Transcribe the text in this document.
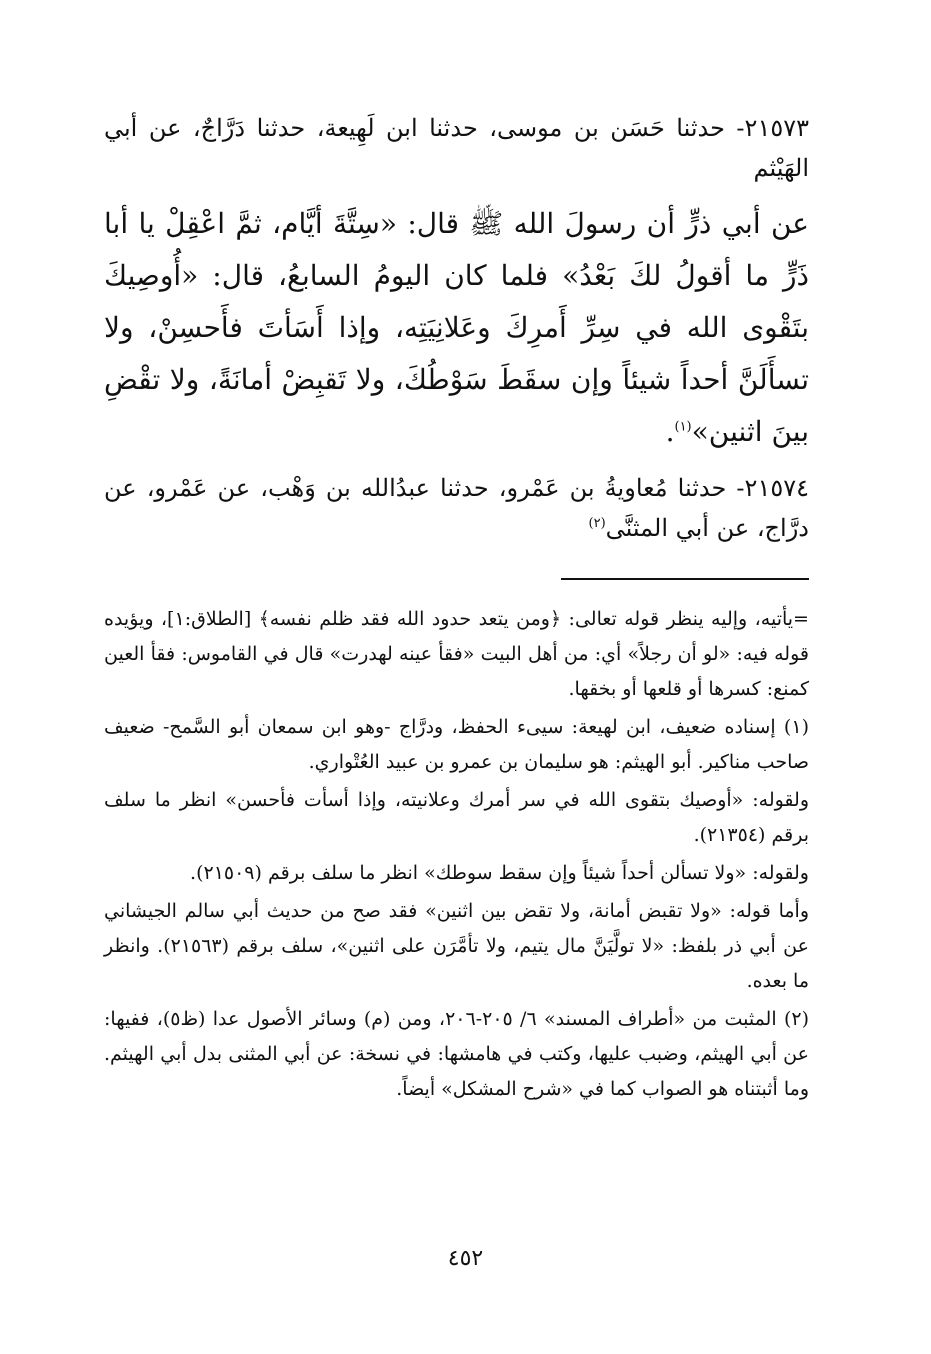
٢١٥٧٣- حدثنا حَسَن بن موسى، حدثنا ابن لَهِيعة، حدثنا دَرَّاجٌ، عن أبي الهَيْثم

عن أبي ذرٍّ أن رسولَ الله ﷺ قال: «سِتَّةَ أيَّام، ثمَّ اعْقِلْ يا أبا ذَرٍّ ما أقولُ لكَ بَعْدُ» فلما كان اليومُ السابعُ، قال: «أُوصِيكَ بتَقْوى الله في سِرِّ أَمرِكَ وعَلانِيَتِه، وإذا أَسَأتَ فأَحسِنْ، ولا تسأَلَنَّ أحداً شيئاً وإن سقَطَ سَوْطُكَ، ولا تَقبِضْ أمانَةً، ولا تقْضِ بينَ اثنين»$^{(١)}$.

٢١٥٧٤- حدثنا مُعاويةُ بن عَمْرو، حدثنا عبدُالله بن وَهْب، عن عَمْرو، عن درَّاج، عن أبي المثنَّى$^{(٢)}$

=يأتيه، وإليه ينظر قوله تعالى: ﴿ومن يتعد حدود الله فقد ظلم نفسه﴾ [الطلاق:١]، ويؤيده قوله فيه: «لو أن رجلاً» أي: من أهل البيت «فقأ عينه لهدرت» قال في القاموس: فقأ العين كمنع: كسرها أو قلعها أو بخقها.

(١) إسناده ضعيف، ابن لهيعة: سيىء الحفظ، ودرَّاج -وهو ابن سمعان أبو السَّمح- ضعيف صاحب مناكير. أبو الهيثم: هو سليمان بن عمرو بن عبيد العُتْواري.

ولقوله: «أوصيك بتقوى الله في سر أمرك وعلانيته، وإذا أسأت فأحسن» انظر ما سلف برقم (٢١٣٥٤).

ولقوله: «ولا تسألن أحداً شيئاً وإن سقط سوطك» انظر ما سلف برقم (٢١٥٠٩).

وأما قوله: «ولا تقبض أمانة، ولا تقض بين اثنين» فقد صح من حديث أبي سالم الجيشاني عن أبي ذر بلفظ: «لا تولَّيَنَّ مال يتيم، ولا تأمَّرَن على اثنين»، سلف برقم (٢١٥٦٣). وانظر ما بعده.

(٢) المثبت من «أطراف المسند» ٦/ ٢٠٥-٢٠٦، ومن (م) وسائر الأصول عدا (ظ٥)، ففيها: عن أبي الهيثم، وضبب عليها، وكتب في هامشها: في نسخة: عن أبي المثنى بدل أبي الهيثم. وما أثبتناه هو الصواب كما في «شرح المشكل» أيضاً.

٤٥٢
